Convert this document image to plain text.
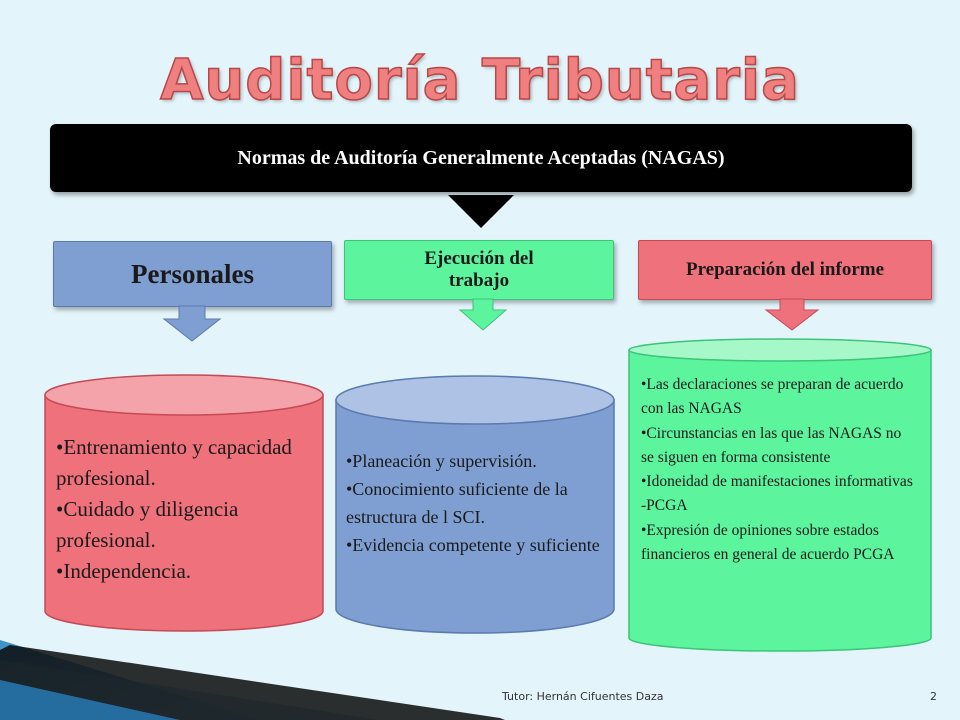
Auditoría Tributaria
Normas de Auditoría Generalmente Aceptadas (NAGAS)
Personales	Ejecución del
trabajo
Preparación del informe
•Entrenamiento y capacidad profesional.
•Cuidado y diligencia profesional.
•Independencia.
•Planeación y supervisión.
•Conocimiento suficiente de la estructura de l SCI.
•Evidencia competente y suficiente
•Las declaraciones se preparan de acuerdo con las NAGAS
•Circunstancias en las que las NAGAS no se siguen en forma consistente
•Idoneidad de manifestaciones informativas -PCGA
•Expresión de opiniones sobre estados financieros en general de acuerdo PCGA
Tutor: Hernán Cifuentes Daza	2
